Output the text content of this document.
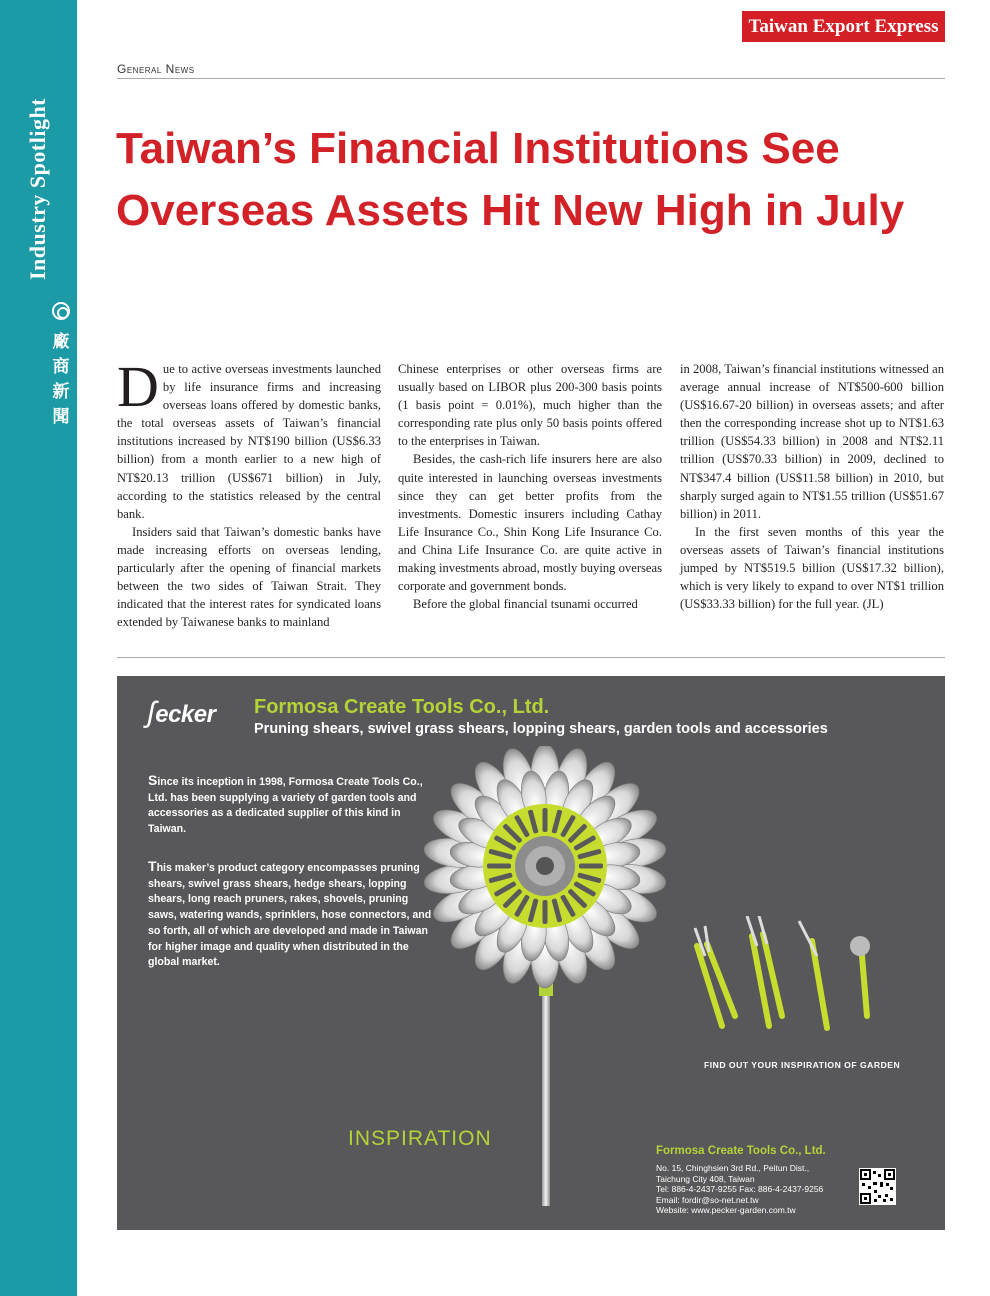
Industry Spotlight
廠商新聞
Taiwan Export Express
General News
Taiwan’s Financial Institutions See
Overseas Assets Hit New High in July

Due to active overseas investments launched by life insurance firms and increasing overseas loans offered by domestic banks, the total overseas assets of Taiwan’s financial institutions increased by NT$190 billion (US$6.33 billion) from a month earlier to a new high of NT$20.13 trillion (US$671 billion) in July, according to the statistics released by the central bank.

Insiders said that Taiwan’s domestic banks have made increasing efforts on overseas lending, particularly after the opening of financial markets between the two sides of Taiwan Strait. They indicated that the interest rates for syndicated loans extended by Taiwanese banks to mainland

Chinese enterprises or other overseas firms are usually based on LIBOR plus 200-300 basis points (1 basis point = 0.01%), much higher than the corresponding rate plus only 50 basis points offered to the enterprises in Taiwan.

Besides, the cash-rich life insurers here are also quite interested in launching overseas investments since they can get better profits from the investments. Domestic insurers including Cathay Life Insurance Co., Shin Kong Life Insurance Co. and China Life Insurance Co. are quite active in making investments abroad, mostly buying overseas corporate and government bonds.

Before the global financial tsunami occurred

in 2008, Taiwan’s financial institutions witnessed an average annual increase of NT$500-600 billion (US$16.67-20 billion) in overseas assets; and after then the corresponding increase shot up to NT$1.63 trillion (US$54.33 billion) in 2008 and NT$2.11 trillion (US$70.33 billion) in 2009, declined to NT$347.4 billion (US$11.58 billion) in 2010, but sharply surged again to NT$1.55 trillion (US$51.67 billion) in 2011.

In the first seven months of this year the overseas assets of Taiwan’s financial institutions jumped by NT$519.5 billion (US$17.32 billion), which is very likely to expand to over NT$1 trillion (US$33.33 billion) for the full year. (JL)

ʃecker Formosa Create Tools Co., Ltd.
Pruning shears, swivel grass shears, lopping shears, garden tools and accessories
Since its inception in 1998, Formosa Create Tools Co., Ltd. has been supplying a variety of garden tools and accessories as a dedicated supplier of this kind in Taiwan.
This maker’s product category encompasses pruning shears, swivel grass shears, hedge shears, lopping shears, long reach pruners, rakes, shovels, pruning saws, watering wands, sprinklers, hose connectors, and so forth, all of which are developed and made in Taiwan for higher image and quality when distributed in the global market.
FIND OUT YOUR INSPIRATION OF GARDEN
INSPIRATION
Formosa Create Tools Co., Ltd.
No. 15, Chinghsien 3rd Rd., Peitun Dist.,
Taichung City 408, Taiwan
Tel: 886-4-2437-9255 Fax: 886-4-2437-9256
Email: fordir@so-net.net.tw
Website: www.pecker-garden.com.tw
